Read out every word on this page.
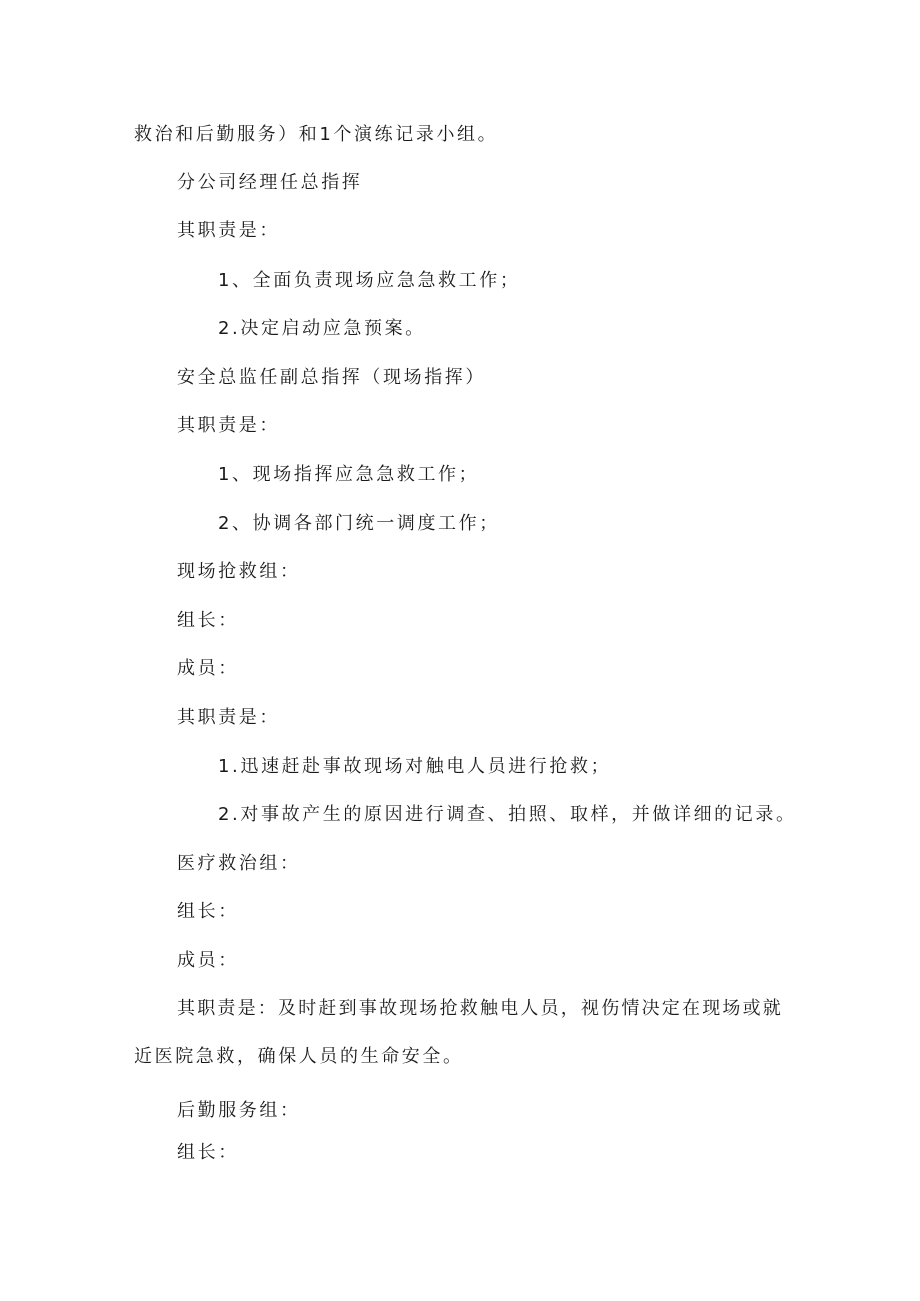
救治和后勤服务）和1个演练记录小组。
分公司经理任总指挥
其职责是：
1、全面负责现场应急急救工作；
2.决定启动应急预案。
安全总监任副总指挥（现场指挥）
其职责是：
1、现场指挥应急急救工作；
2、协调各部门统一调度工作；
现场抢救组：
组长：
成员：
其职责是：
1.迅速赶赴事故现场对触电人员进行抢救；
2.对事故产生的原因进行调查、拍照、取样，并做详细的记录。
医疗救治组：
组长：
成员：
其职责是：及时赶到事故现场抢救触电人员，视伤情决定在现场或就
近医院急救，确保人员的生命安全。
后勤服务组：
组长：
